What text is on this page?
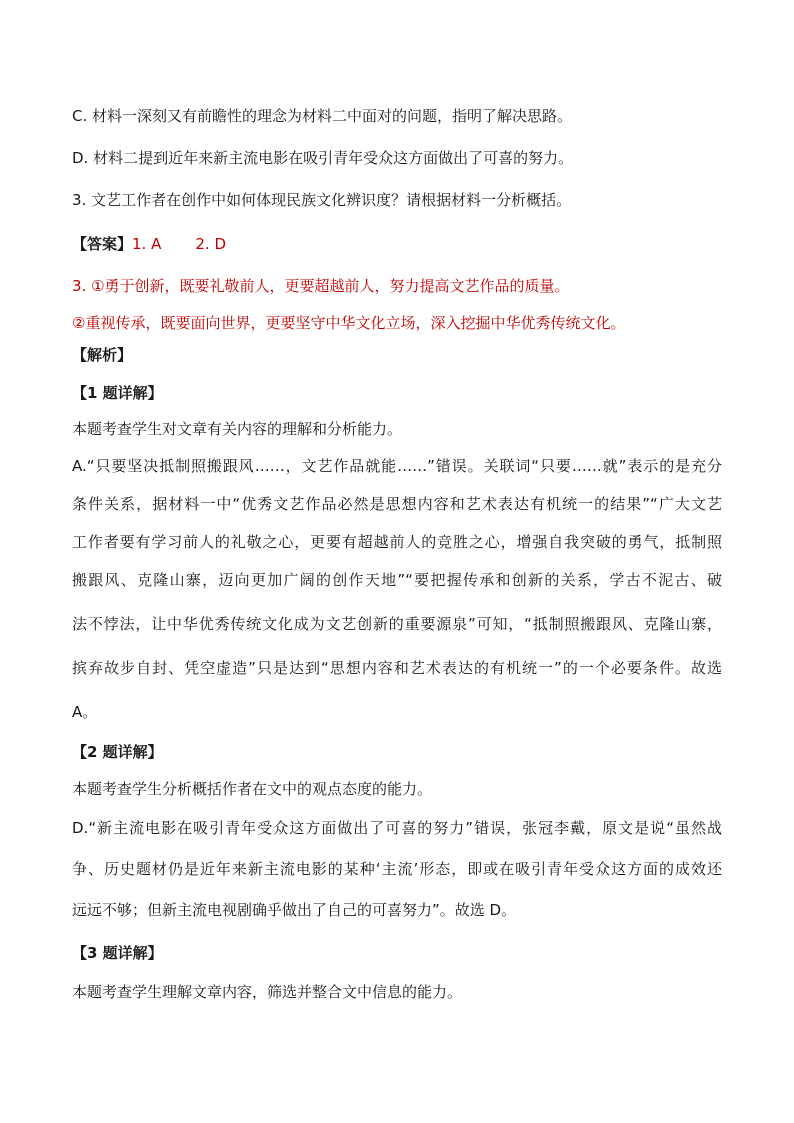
C. 材料一深刻又有前瞻性的理念为材料二中面对的问题，指明了解决思路。
D. 材料二提到近年来新主流电影在吸引青年受众这方面做出了可喜的努力。
3. 文艺工作者在创作中如何体现民族文化辨识度？请根据材料一分析概括。
【答案】1. A 2. D
3. ①勇于创新，既要礼敬前人，更要超越前人，努力提高文艺作品的质量。
②重视传承，既要面向世界，更要坚守中华文化立场，深入挖掘中华优秀传统文化。
【解析】
【1 题详解】
本题考查学生对文章有关内容的理解和分析能力。
A.“只要坚决抵制照搬跟风……，文艺作品就能……”错误。关联词“只要……就”表示的是充分
条件关系，据材料一中“优秀文艺作品必然是思想内容和艺术表达有机统一的结果”“广大文艺
工作者要有学习前人的礼敬之心，更要有超越前人的竞胜之心，增强自我突破的勇气，抵制照
搬跟风、克隆山寨，迈向更加广阔的创作天地”“要把握传承和创新的关系，学古不泥古、破
法不悖法，让中华优秀传统文化成为文艺创新的重要源泉”可知，“抵制照搬跟风、克隆山寨，
摈弃故步自封、凭空虚造”只是达到“思想内容和艺术表达的有机统一”的一个必要条件。故选
A。
【2 题详解】
本题考查学生分析概括作者在文中的观点态度的能力。
D.“新主流电影在吸引青年受众这方面做出了可喜的努力”错误，张冠李戴，原文是说“虽然战
争、历史题材仍是近年来新主流电影的某种‘主流’形态，即或在吸引青年受众这方面的成效还
远远不够；但新主流电视剧确乎做出了自己的可喜努力”。故选 D。
【3 题详解】
本题考查学生理解文章内容，筛选并整合文中信息的能力。
